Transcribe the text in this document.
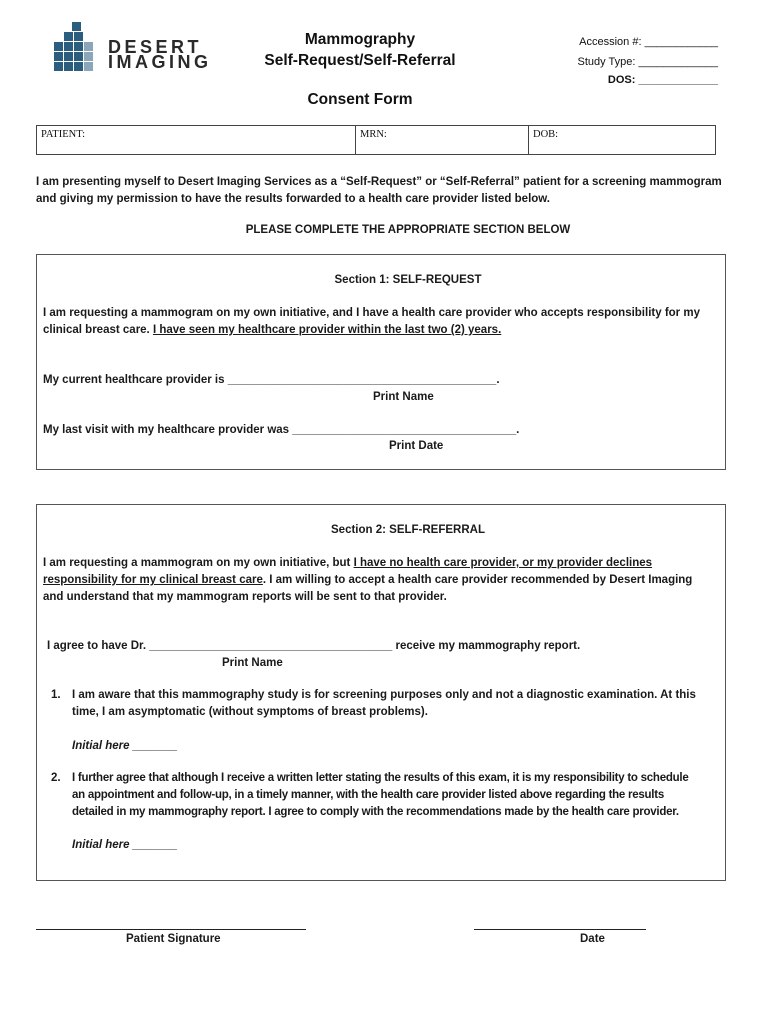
DESERT
IMAGING
Mammography
Self-Request/Self-Referral
Consent Form
Accession #: ____________
Study Type: _____________
DOS: _____________
PATIENT:	MRN:	DOB:
I am presenting myself to Desert Imaging Services as a “Self-Request” or “Self-Referral” patient for a screening mammogram
and giving my permission to have the results forwarded to a health care provider listed below.
PLEASE COMPLETE THE APPROPRIATE SECTION BELOW
Section 1: SELF-REQUEST
I am requesting a mammogram on my own initiative, and I have a health care provider who accepts responsibility for my
clinical breast care. I have seen my healthcare provider within the last two (2) years.
My current healthcare provider is __________________________________________.
Print Name
My last visit with my healthcare provider was ___________________________________.
Print Date
Section 2: SELF-REFERRAL
I am requesting a mammogram on my own initiative, but I have no health care provider, or my provider declines
responsibility for my clinical breast care. I am willing to accept a health care provider recommended by Desert Imaging
and understand that my mammogram reports will be sent to that provider.
I agree to have Dr. ______________________________________ receive my mammography report.
Print Name
1. I am aware that this mammography study is for screening purposes only and not a diagnostic examination. At this
time, I am asymptomatic (without symptoms of breast problems).
Initial here _______
2. I further agree that although I receive a written letter stating the results of this exam, it is my responsibility to schedule
an appointment and follow-up, in a timely manner, with the health care provider listed above regarding the results
detailed in my mammography report. I agree to comply with the recommendations made by the health care provider.
Initial here _______
Patient Signature	Date
